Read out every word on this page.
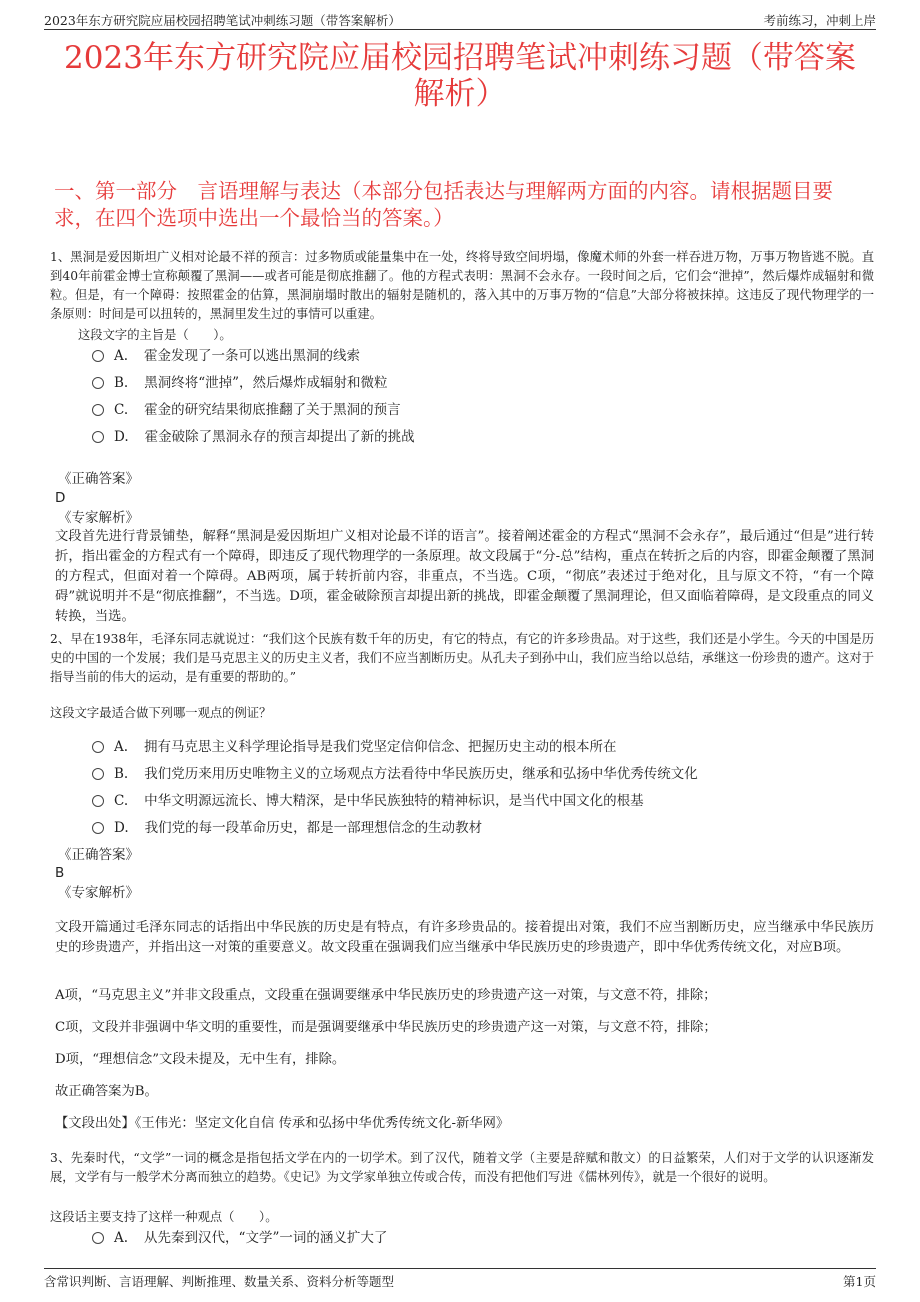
2023年东方研究院应届校园招聘笔试冲刺练习题（带答案解析）	考前练习，冲刺上岸
2023年东方研究院应届校园招聘笔试冲刺练习题（带答案解析）
一、第一部分　言语理解与表达（本部分包括表达与理解两方面的内容。请根据题目要求，在四个选项中选出一个最恰当的答案。）
1、黑洞是爱因斯坦广义相对论最不祥的预言：过多物质或能量集中在一处，终将导致空间坍塌，像魔术师的外套一样吞进万物，万事万物皆逃不脱。直到40年前霍金博士宣称颠覆了黑洞——或者可能是彻底推翻了。他的方程式表明：黑洞不会永存。一段时间之后，它们会“泄掉”，然后爆炸成辐射和微粒。但是，有一个障碍：按照霍金的估算，黑洞崩塌时散出的辐射是随机的，落入其中的万事万物的“信息”大部分将被抹掉。这违反了现代物理学的一条原则：时间是可以扭转的，黑洞里发生过的事情可以重建。
这段文字的主旨是（　　）。
A. 霍金发现了一条可以逃出黑洞的线索
B. 黑洞终将“泄掉”，然后爆炸成辐射和微粒
C. 霍金的研究结果彻底推翻了关于黑洞的预言
D. 霍金破除了黑洞永存的预言却提出了新的挑战
《正确答案》
D
《专家解析》
文段首先进行背景铺垫，解释“黑洞是爱因斯坦广义相对论最不详的语言”。接着阐述霍金的方程式“黑洞不会永存”，最后通过“但是”进行转折，指出霍金的方程式有一个障碍，即违反了现代物理学的一条原理。故文段属于“分-总”结构，重点在转折之后的内容，即霍金颠覆了黑洞的方程式，但面对着一个障碍。AB两项，属于转折前内容，非重点，不当选。C项，“彻底”表述过于绝对化，且与原文不符，“有一个障碍”就说明并不是“彻底推翻”，不当选。D项，霍金破除预言却提出新的挑战，即霍金颠覆了黑洞理论，但又面临着障碍，是文段重点的同义转换，当选。
2、早在1938年，毛泽东同志就说过：“我们这个民族有数千年的历史，有它的特点，有它的许多珍贵品。对于这些，我们还是小学生。今天的中国是历史的中国的一个发展；我们是马克思主义的历史主义者，我们不应当割断历史。从孔夫子到孙中山，我们应当给以总结，承继这一份珍贵的遗产。这对于指导当前的伟大的运动，是有重要的帮助的。”
这段文字最适合做下列哪一观点的例证？
A. 拥有马克思主义科学理论指导是我们党坚定信仰信念、把握历史主动的根本所在
B. 我们党历来用历史唯物主义的立场观点方法看待中华民族历史，继承和弘扬中华优秀传统文化
C. 中华文明源远流长、博大精深，是中华民族独特的精神标识，是当代中国文化的根基
D. 我们党的每一段革命历史，都是一部理想信念的生动教材
《正确答案》
B
《专家解析》
文段开篇通过毛泽东同志的话指出中华民族的历史是有特点，有许多珍贵品的。接着提出对策，我们不应当割断历史，应当继承中华民族历史的珍贵遗产，并指出这一对策的重要意义。故文段重在强调我们应当继承中华民族历史的珍贵遗产，即中华优秀传统文化，对应B项。
A项，“马克思主义”并非文段重点，文段重在强调要继承中华民族历史的珍贵遗产这一对策，与文意不符，排除；
C项，文段并非强调中华文明的重要性，而是强调要继承中华民族历史的珍贵遗产这一对策，与文意不符，排除；
D项，“理想信念”文段未提及，无中生有，排除。
故正确答案为B。
【文段出处】《王伟光：坚定文化自信 传承和弘扬中华优秀传统文化-新华网》
3、先秦时代，“文学”一词的概念是指包括文学在内的一切学术。到了汉代，随着文学（主要是辞赋和散文）的日益繁荣，人们对于文学的认识逐渐发展，文学有与一般学术分离而独立的趋势。《史记》为文学家单独立传或合传，而没有把他们写进《儒林列传》，就是一个很好的说明。
这段话主要支持了这样一种观点（　　）。
A. 从先秦到汉代，“文学”一词的涵义扩大了
含常识判断、言语理解、判断推理、数量关系、资料分析等题型	第1页
